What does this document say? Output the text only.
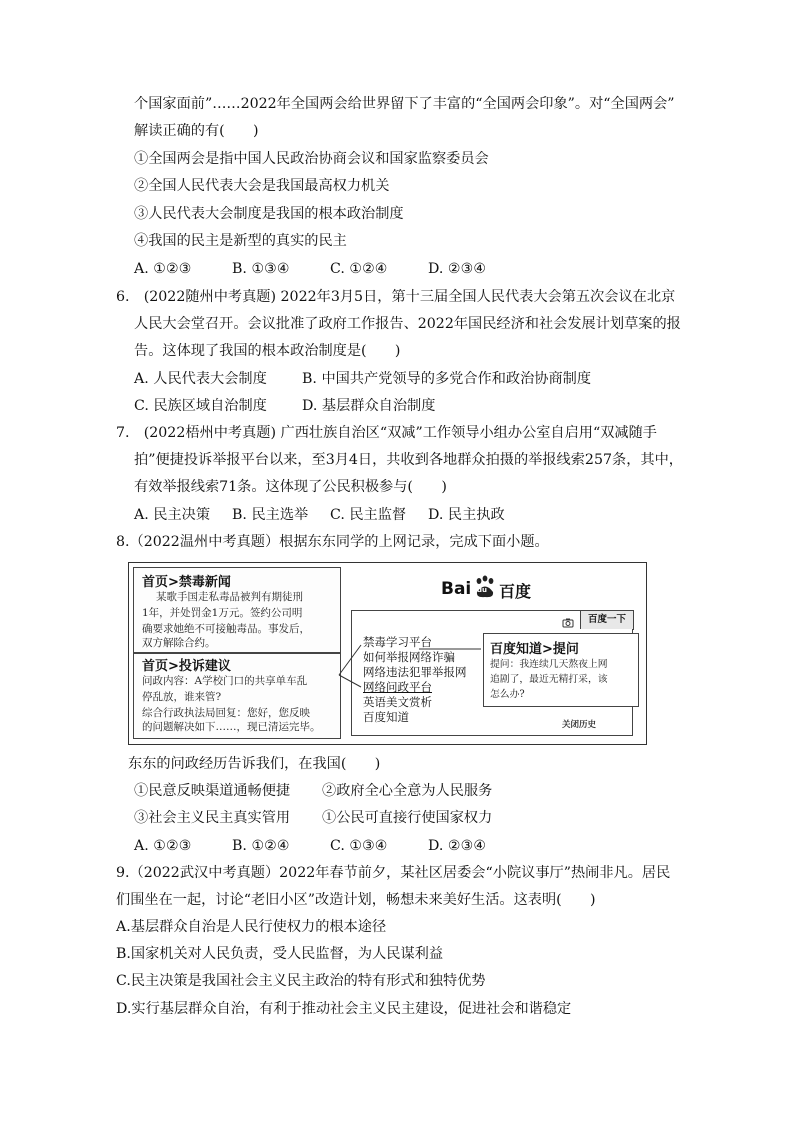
个国家面前”……2022年全国两会给世界留下了丰富的“全国两会印象”。对“全国两会”
解读正确的有(　　)
①全国两会是指中国人民政治协商会议和国家监察委员会
②全国人民代表大会是我国最高权力机关
③人民代表大会制度是我国的根本政治制度
④我国的民主是新型的真实的民主
A. ①②③	B. ①③④	C. ①②④	D. ②③④
6.　(2022随州中考真题) 2022年3月5日，第十三届全国人民代表大会第五次会议在北京
人民大会堂召开。会议批准了政府工作报告、2022年国民经济和社会发展计划草案的报
告。这体现了我国的根本政治制度是(　　)
A. 人民代表大会制度 B. 中国共产党领导的多党合作和政治协商制度
C. 民族区域自治制度 D. 基层群众自治制度
7.　(2022梧州中考真题) 广西壮族自治区“双减”工作领导小组办公室自启用“双减随手
拍”便捷投诉举报平台以来，至3月4日，共收到各地群众拍摄的举报线索257条，其中，
有效举报线索71条。这体现了公民积极参与(　　)
A. 民主决策 B. 民主选举 C. 民主监督 D. 民主执政
8.（2022温州中考真题）根据东东同学的上网记录，完成下面小题。
首页>禁毒新闻
某歌手国走私毒品被判有期徒刑
1年，并处罚金1万元。签约公司明
确要求她绝不可接触毒品。事发后，
双方解除合约。
首页>投诉建议
问政内容：A学校门口的共享单车乱
停乱放，谁来管?
综合行政执法局回复：您好，您反映
的问题解决如下……，现已清运完毕。
Bai du 百度
百度一下
禁毒学习平台
如何举报网络诈骗
网络违法犯罪举报网
网络问政平台
英语美文赏析
百度知道
关闭历史
百度知道>提问
提问：我连续几天熬夜上网
追剧了，最近无精打采，该
怎么办?
东东的问政经历告诉我们，在我国(　　)
①民意反映渠道通畅便捷 ②政府全心全意为人民服务
③社会主义民主真实管用 ①公民可直接行使国家权力
A. ①②③	B. ①②④	C. ①③④	D. ②③④
9.（2022武汉中考真题）2022年春节前夕，某社区居委会“小院议事厅”热闹非凡。居民
们围坐在一起，讨论“老旧小区”改造计划，畅想未来美好生活。这表明(　　)
A.基层群众自治是人民行使权力的根本途径
B.国家机关对人民负责，受人民监督，为人民谋利益
C.民主决策是我国社会主义民主政治的特有形式和独特优势
D.实行基层群众自治，有利于推动社会主义民主建设，促进社会和谐稳定
